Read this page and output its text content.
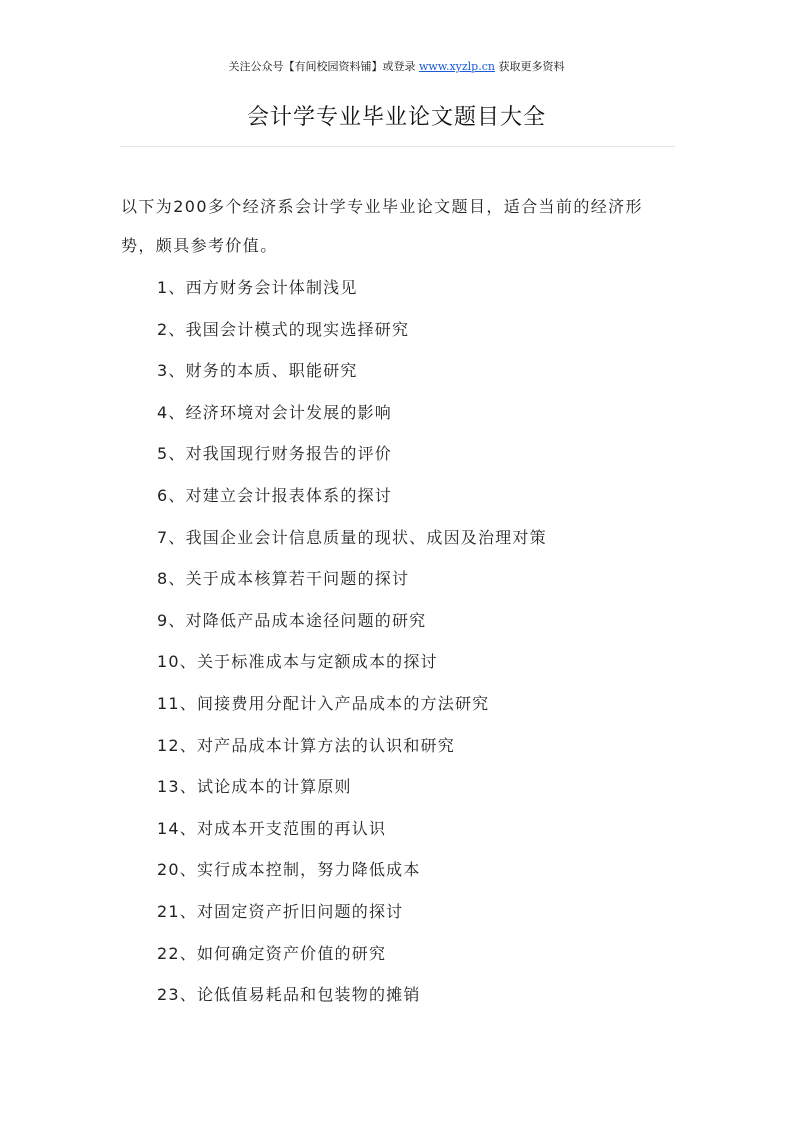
关注公众号【有间校园资料铺】或登录 www.xyzlp.cn 获取更多资料
会计学专业毕业论文题目大全
以下为200多个经济系会计学专业毕业论文题目，适合当前的经济形势，颇具参考价值。
1、西方财务会计体制浅见
2、我国会计模式的现实选择研究
3、财务的本质、职能研究
4、经济环境对会计发展的影响
5、对我国现行财务报告的评价
6、对建立会计报表体系的探讨
7、我国企业会计信息质量的现状、成因及治理对策
8、关于成本核算若干问题的探讨
9、对降低产品成本途径问题的研究
10、关于标准成本与定额成本的探讨
11、间接费用分配计入产品成本的方法研究
12、对产品成本计算方法的认识和研究
13、试论成本的计算原则
14、对成本开支范围的再认识
20、实行成本控制，努力降低成本
21、对固定资产折旧问题的探讨
22、如何确定资产价值的研究
23、论低值易耗品和包装物的摊销
